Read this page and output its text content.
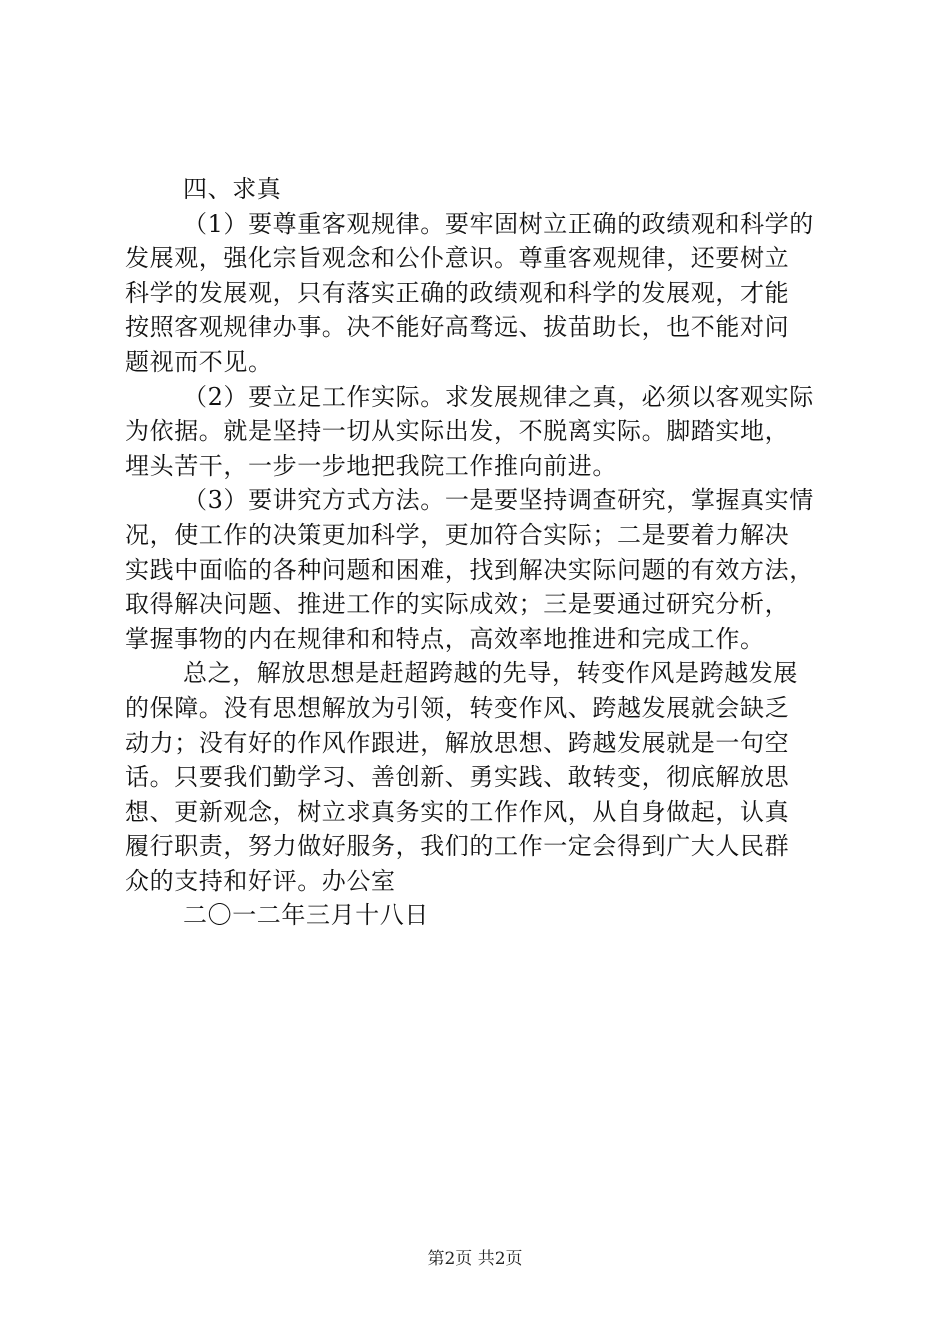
四、求真
（1）要尊重客观规律。要牢固树立正确的政绩观和科学的
发展观，强化宗旨观念和公仆意识。尊重客观规律，还要树立
科学的发展观，只有落实正确的政绩观和科学的发展观，才能
按照客观规律办事。决不能好高骛远、拔苗助长，也不能对问
题视而不见。
（2）要立足工作实际。求发展规律之真，必须以客观实际
为依据。就是坚持一切从实际出发，不脱离实际。脚踏实地，
埋头苦干，一步一步地把我院工作推向前进。
（3）要讲究方式方法。一是要坚持调查研究，掌握真实情
况，使工作的决策更加科学，更加符合实际；二是要着力解决
实践中面临的各种问题和困难，找到解决实际问题的有效方法，
取得解决问题、推进工作的实际成效；三是要通过研究分析，
掌握事物的内在规律和和特点，高效率地推进和完成工作。
总之，解放思想是赶超跨越的先导，转变作风是跨越发展
的保障。没有思想解放为引领，转变作风、跨越发展就会缺乏
动力；没有好的作风作跟进，解放思想、跨越发展就是一句空
话。只要我们勤学习、善创新、勇实践、敢转变，彻底解放思
想、更新观念，树立求真务实的工作作风，从自身做起，认真
履行职责，努力做好服务，我们的工作一定会得到广大人民群
众的支持和好评。办公室
二〇一二年三月十八日
第2页 共2页
